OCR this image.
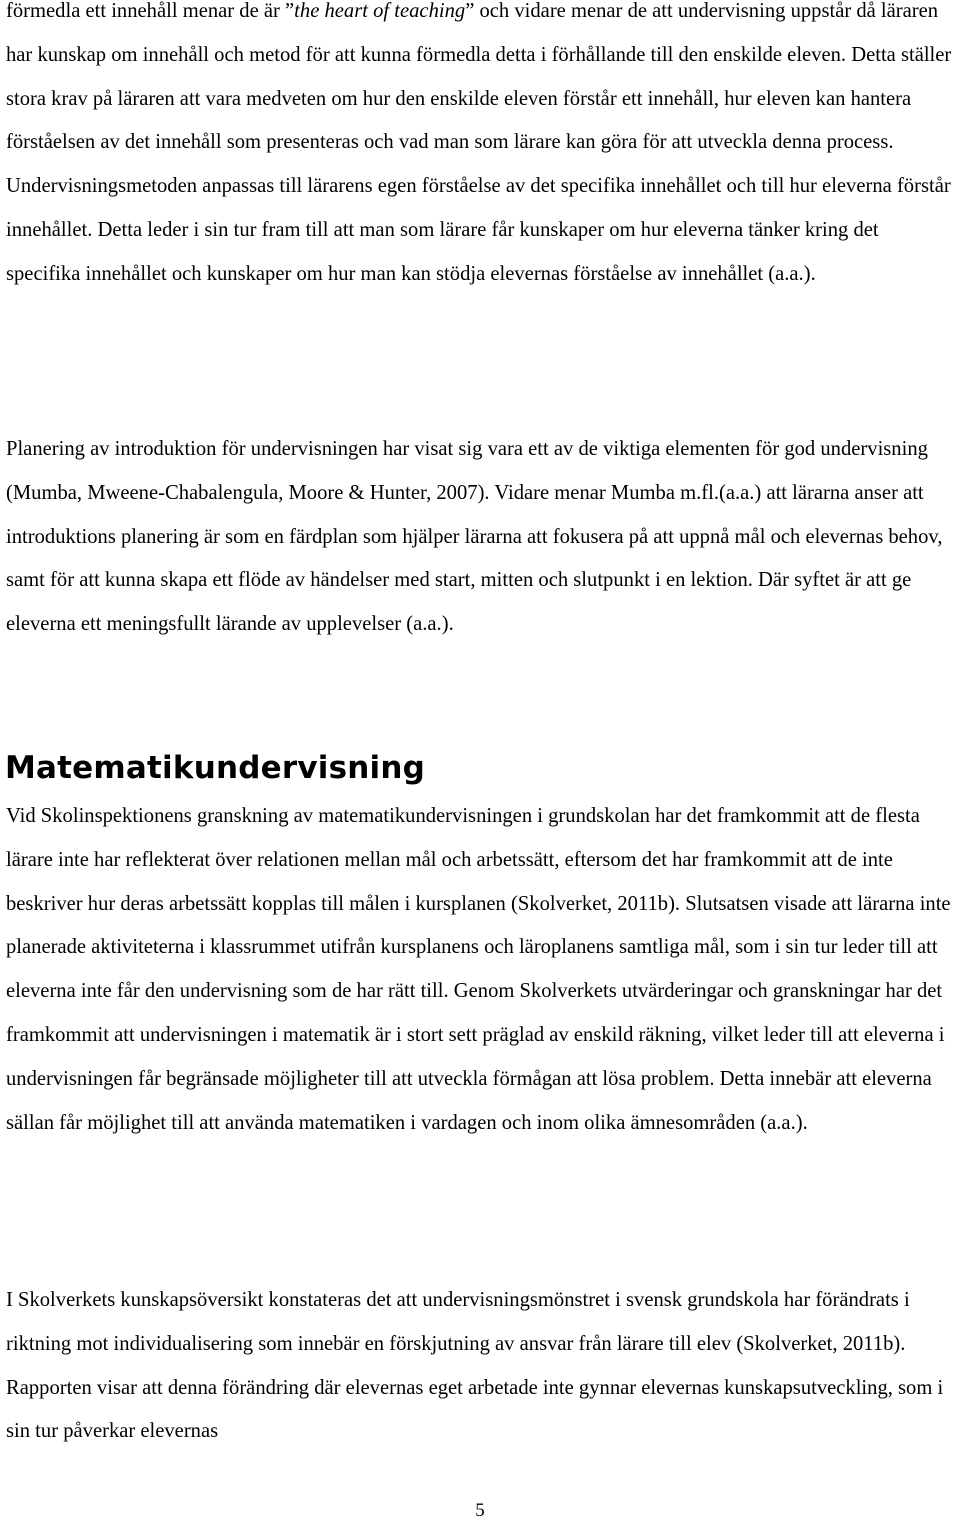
förmedla ett innehåll menar de är ”the heart of teaching” och vidare menar de att undervisning uppstår då läraren har kunskap om innehåll och metod för att kunna förmedla detta i förhållande till den enskilde eleven. Detta ställer stora krav på läraren att vara medveten om hur den enskilde eleven förstår ett innehåll, hur eleven kan hantera förståelsen av det innehåll som presenteras och vad man som lärare kan göra för att utveckla denna process. Undervisningsmetoden anpassas till lärarens egen förståelse av det specifika innehållet och till hur eleverna förstår innehållet. Detta leder i sin tur fram till att man som lärare får kunskaper om hur eleverna tänker kring det specifika innehållet och kunskaper om hur man kan stödja elevernas förståelse av innehållet (a.a.).

Planering av introduktion för undervisningen har visat sig vara ett av de viktiga elementen för god undervisning (Mumba, Mweene-Chabalengula, Moore & Hunter, 2007). Vidare menar Mumba m.fl.(a.a.) att lärarna anser att introduktions planering är som en färdplan som hjälper lärarna att fokusera på att uppnå mål och elevernas behov, samt för att kunna skapa ett flöde av händelser med start, mitten och slutpunkt i en lektion. Där syftet är att ge eleverna ett meningsfullt lärande av upplevelser (a.a.).

Matematikundervisning

Vid Skolinspektionens granskning av matematikundervisningen i grundskolan har det framkommit att de flesta lärare inte har reflekterat över relationen mellan mål och arbetssätt, eftersom det har framkommit att de inte beskriver hur deras arbetssätt kopplas till målen i kursplanen (Skolverket, 2011b). Slutsatsen visade att lärarna inte planerade aktiviteterna i klassrummet utifrån kursplanens och läroplanens samtliga mål, som i sin tur leder till att eleverna inte får den undervisning som de har rätt till. Genom Skolverkets utvärderingar och granskningar har det framkommit att undervisningen i matematik är i stort sett präglad av enskild räkning, vilket leder till att eleverna i undervisningen får begränsade möjligheter till att utveckla förmågan att lösa problem. Detta innebär att eleverna sällan får möjlighet till att använda matematiken i vardagen och inom olika ämnesområden (a.a.).

I Skolverkets kunskapsöversikt konstateras det att undervisningsmönstret i svensk grundskola har förändrats i riktning mot individualisering som innebär en förskjutning av ansvar från lärare till elev (Skolverket, 2011b). Rapporten visar att denna förändring där elevernas eget arbetade inte gynnar elevernas kunskapsutveckling, som i sin tur påverkar elevernas

5
